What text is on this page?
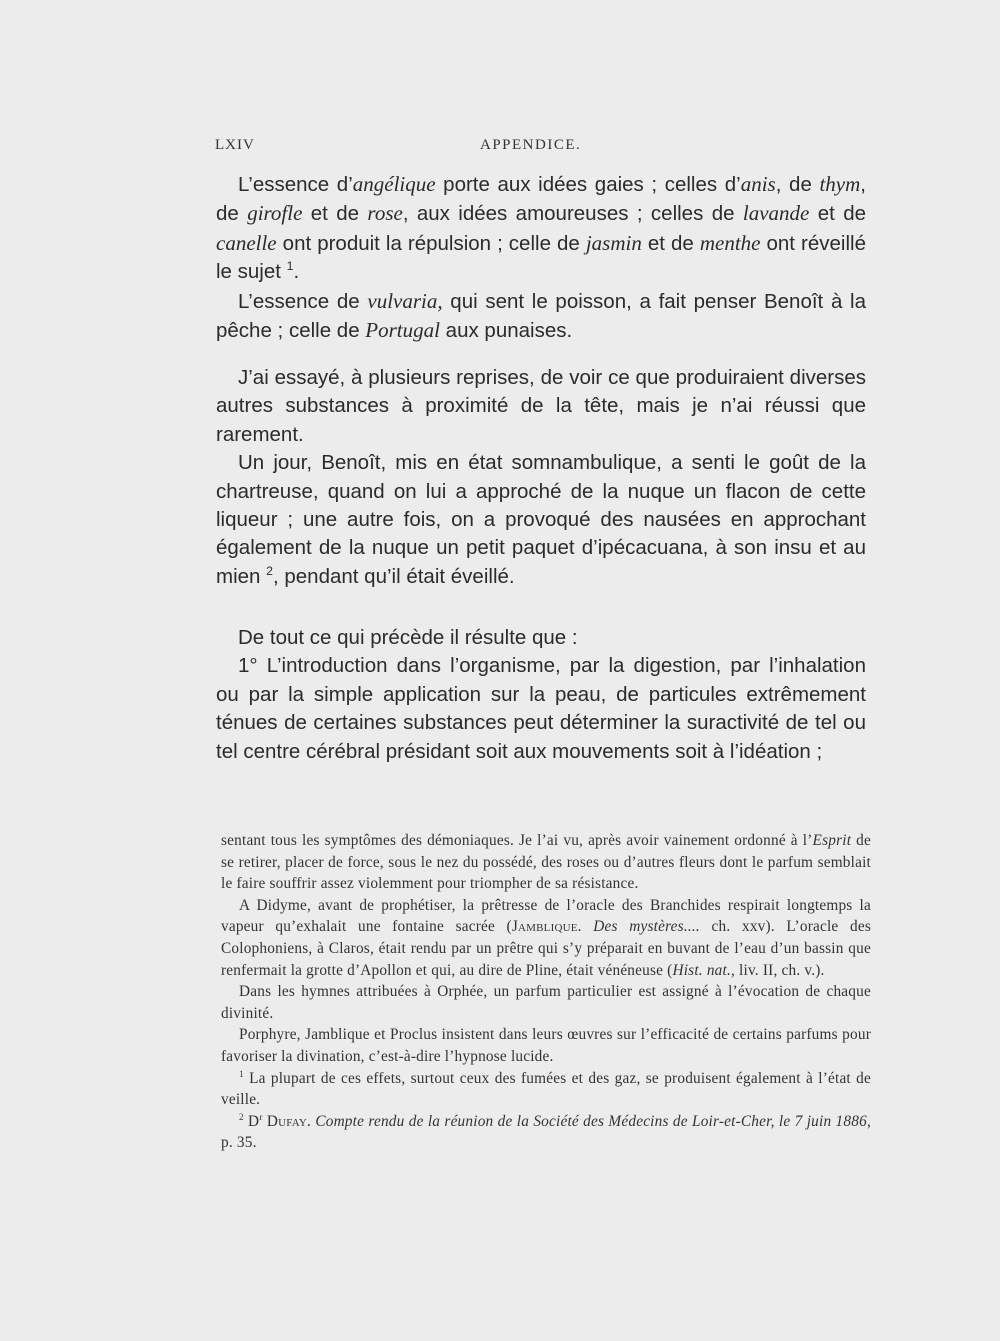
LXIV	APPENDICE.

L’essence d’angélique porte aux idées gaies ; celles d’anis, de thym, de girofle et de rose, aux idées amoureuses ; celles de lavande et de canelle ont produit la répulsion ; celle de jasmin et de menthe ont réveillé le sujet $^1$.

L’essence de vulvaria, qui sent le poisson, a fait penser Benoît à la pêche ; celle de Portugal aux punaises.

J’ai essayé, à plusieurs reprises, de voir ce que produiraient diverses autres substances à proximité de la tête, mais je n’ai réussi que rarement.

Un jour, Benoît, mis en état somnambulique, a senti le goût de la chartreuse, quand on lui a approché de la nuque un flacon de cette liqueur ; une autre fois, on a provoqué des nausées en approchant également de la nuque un petit paquet d’ipécacuana, à son insu et au mien $^2$, pendant qu’il était éveillé.

De tout ce qui précède il résulte que :

1° L’introduction dans l’organisme, par la digestion, par l’inhalation ou par la simple application sur la peau, de particules extrêmement ténues de certaines substances peut déterminer la suractivité de tel ou tel centre cérébral présidant soit aux mouvements soit à l’idéation ;

sentant tous les symptômes des démoniaques. Je l’ai vu, après avoir vainement ordonné à l’Esprit de se retirer, placer de force, sous le nez du possédé, des roses ou d’autres fleurs dont le parfum semblait le faire souffrir assez violemment pour triompher de sa résistance.

A Didyme, avant de prophétiser, la prêtresse de l’oracle des Branchides respirait longtemps la vapeur qu’exhalait une fontaine sacrée (Jamblique. Des mystères.... ch. xxv). L’oracle des Colophoniens, à Claros, était rendu par un prêtre qui s’y préparait en buvant de l’eau d’un bassin que renfermait la grotte d’Apollon et qui, au dire de Pline, était vénéneuse (Hist. nat., liv. II, ch. v.).

Dans les hymnes attribuées à Orphée, un parfum particulier est assigné à l’évocation de chaque divinité.

Porphyre, Jamblique et Proclus insistent dans leurs œuvres sur l’efficacité de certains parfums pour favoriser la divination, c’est-à-dire l’hypnose lucide.

$^1$ La plupart de ces effets, surtout ceux des fumées et des gaz, se produisent également à l’état de veille.

$^2$ $D^r$ Dufay. Compte rendu de la réunion de la Société des Médecins de Loir-et-Cher, le 7 juin 1886, p. 35.
